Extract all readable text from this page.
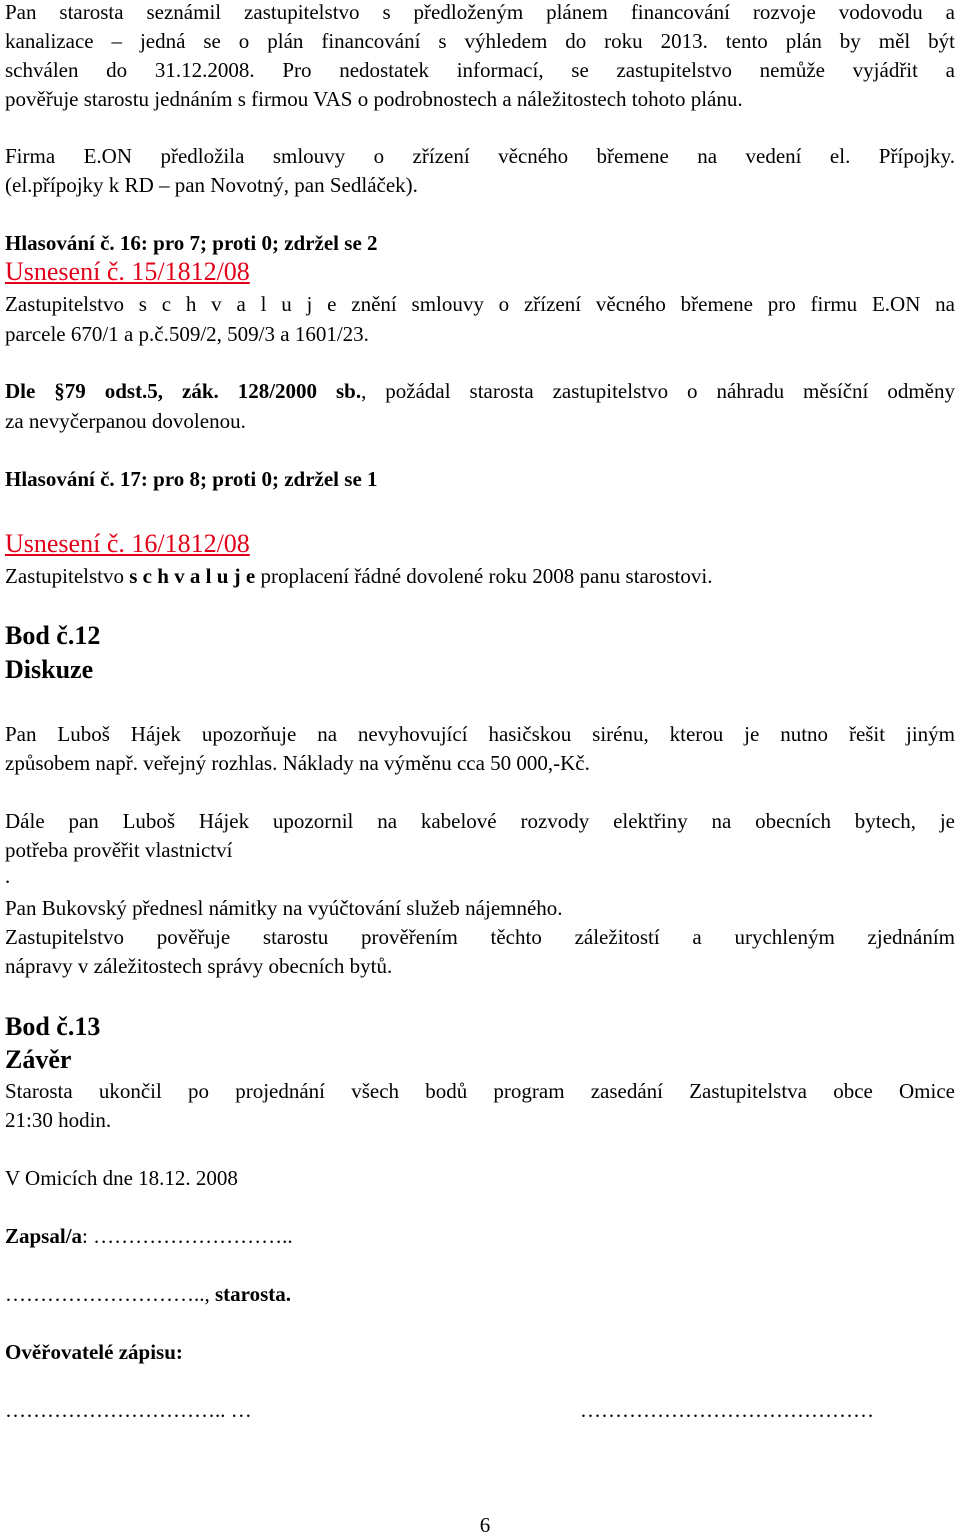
Pan starosta seznámil zastupitelstvo s předloženým plánem financování rozvoje vodovodu a
kanalizace – jedná se o plán financování s výhledem do roku 2013. tento plán by měl být
schválen do 31.12.2008. Pro nedostatek informací, se zastupitelstvo nemůže vyjádřit a
pověřuje starostu jednáním s firmou VAS o podrobnostech a náležitostech tohoto plánu.
Firma E.ON předložila smlouvy o zřízení věcného břemene na vedení el. Přípojky.
(el.přípojky k RD – pan Novotný, pan Sedláček).
Hlasování č. 16: pro 7; proti 0; zdržel se 2
Usnesení č. 15/1812/08
Zastupitelstvo s c h v a l u j e znění smlouvy o zřízení věcného břemene pro firmu E.ON na
parcele 670/1 a p.č.509/2, 509/3 a 1601/23.
Dle §79 odst.5, zák. 128/2000 sb., požádal starosta zastupitelstvo o náhradu měsíční odměny
za nevyčerpanou dovolenou.
Hlasování č. 17: pro 8; proti 0; zdržel se 1
Usnesení č. 16/1812/08
Zastupitelstvo s c h v a l u j e proplacení řádné dovolené roku 2008 panu starostovi.
Bod č.12
Diskuze
Pan Luboš Hájek upozorňuje na nevyhovující hasičskou sirénu, kterou je nutno řešit jiným
způsobem např. veřejný rozhlas. Náklady na výměnu cca 50 000,-Kč.
Dále pan Luboš Hájek upozornil na kabelové rozvody elektřiny na obecních bytech, je
potřeba prověřit vlastnictví
.
Pan Bukovský přednesl námitky na vyúčtování služeb nájemného.
Zastupitelstvo pověřuje starostu prověřením těchto záležitostí a urychleným zjednáním
nápravy v záležitostech správy obecních bytů.
Bod č.13
Závěr
Starosta ukončil po projednání všech bodů program zasedání Zastupitelstva obce Omice
21:30 hodin.
V Omicích dne 18.12. 2008
Zapsal/a: ………………………..
……………………….., starosta.
Ověřovatelé zápisu:
………………………….. …	……………………………………
6
